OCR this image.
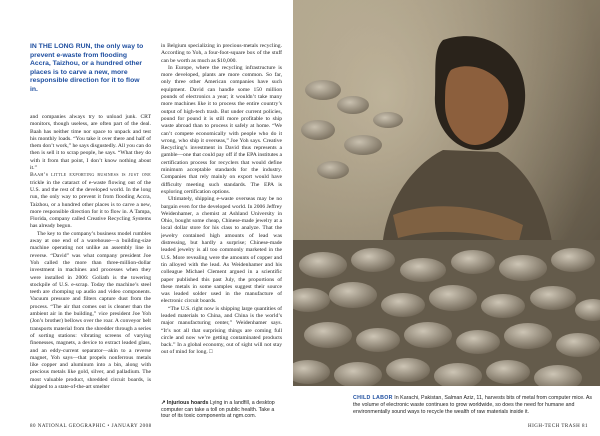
IN THE LONG RUN, the only way to prevent e-waste from flooding Accra, Taizhou, or a hundred other places is to carve a new, more responsible direction for it to flow in.

and companies always try to unload junk. CRT monitors, though useless, are often part of the deal. Baah has neither time nor space to unpack and test his monthly loads. “You take it over there and half of them don’t work,” he says disgustedly. All you can do then is sell it to scrap people, he says. “What they do with it from that point, I don’t know nothing about it.”

Baah’s little exporting business is just one trickle in the cataract of e-waste flowing out of the U.S. and the rest of the developed world. In the long run, the only way to prevent it from flooding Accra, Taizhou, or a hundred other places is to carve a new, more responsible direction for it to flow in. A Tampa, Florida, company called Creative Recycling Systems has already begun.

The key to the company’s business model rumbles away at one end of a warehouse—a building-size machine operating not unlike an assembly line in reverse. “David” was what company president Joe Yoh called the more than three-million-dollar investment in machines and processes when they were installed in 2006: Goliath is the towering stockpile of U.S. e-scrap. Today the machine’s steel teeth are chomping up audio and video components. Vacuum pressure and filters capture dust from the process. “The air that comes out is cleaner than the ambient air in the building,” vice president Joe Yoh (Jon’s brother) bellows over the roar. A conveyor belt transports material from the shredder through a series of sorting stations: vibrating screens of varying finenesses, magnets, a device to extract leaded glass, and an eddy-current separator—akin to a reverse magnet, Yoh says—that propels nonferrous metals like copper and aluminum into a bin, along with precious metals like gold, silver, and palladium. The most valuable product, shredded circuit boards, is shipped to a state-of-the-art smelter

in Belgium specializing in precious-metals recycling. According to Yoh, a four-foot-square box of the stuff can be worth as much as $10,000.

In Europe, where the recycling infrastructure is more developed, plants are more common. So far, only three other American companies have such equipment. David can handle some 150 million pounds of electronics a year; it wouldn’t take many more machines like it to process the entire country’s output of high-tech trash. But under current policies, pound for pound it is still more profitable to ship waste abroad than to process it safely at home. “We can’t compete economically with people who do it wrong, who ship it overseas,” Joe Yoh says. Creative Recycling’s investment in David thus represents a gamble—one that could pay off if the EPA institutes a certification process for recyclers that would define minimum acceptable standards for the industry. Companies that rely mainly on export would have difficulty meeting such standards. The EPA is exploring certification options.

Ultimately, shipping e-waste overseas may be no bargain even for the developed world. In 2006 Jeffrey Weidenhamer, a chemist at Ashland University in Ohio, bought some cheap, Chinese-made jewelry at a local dollar store for his class to analyze. That the jewelry contained high amounts of lead was distressing, but hardly a surprise; Chinese-made leaded jewelry is all too commonly marketed in the U.S. More revealing were the amounts of copper and tin alloyed with the lead. As Weidenhamer and his colleague Michael Clement argued in a scientific paper published this past July, the proportions of these metals in some samples suggest their source was leaded solder used in the manufacture of electronic circuit boards.

“The U.S. right now is shipping large quantities of leaded materials to China, and China is the world’s major manufacturing center,” Weidenhamer says. “It’s not all that surprising things are coming full circle and now we’re getting contaminated products back.” In a global economy, out of sight will not stay out of mind for long. □

↗ Injurious hoards Lying in a landfill, a desktop computer can take a toll on public health. Take a tour of its toxic components at ngm.com.
CHILD LABOR In Karachi, Pakistan, Salman Aziz, 11, harvests bits of metal from computer mice. As the volume of electronic waste continues to grow worldwide, so does the need for humane and environmentally sound ways to recycle the wealth of raw materials inside it.
80 NATIONAL GEOGRAPHIC • JANUARY 2008	HIGH-TECH TRASH 81
